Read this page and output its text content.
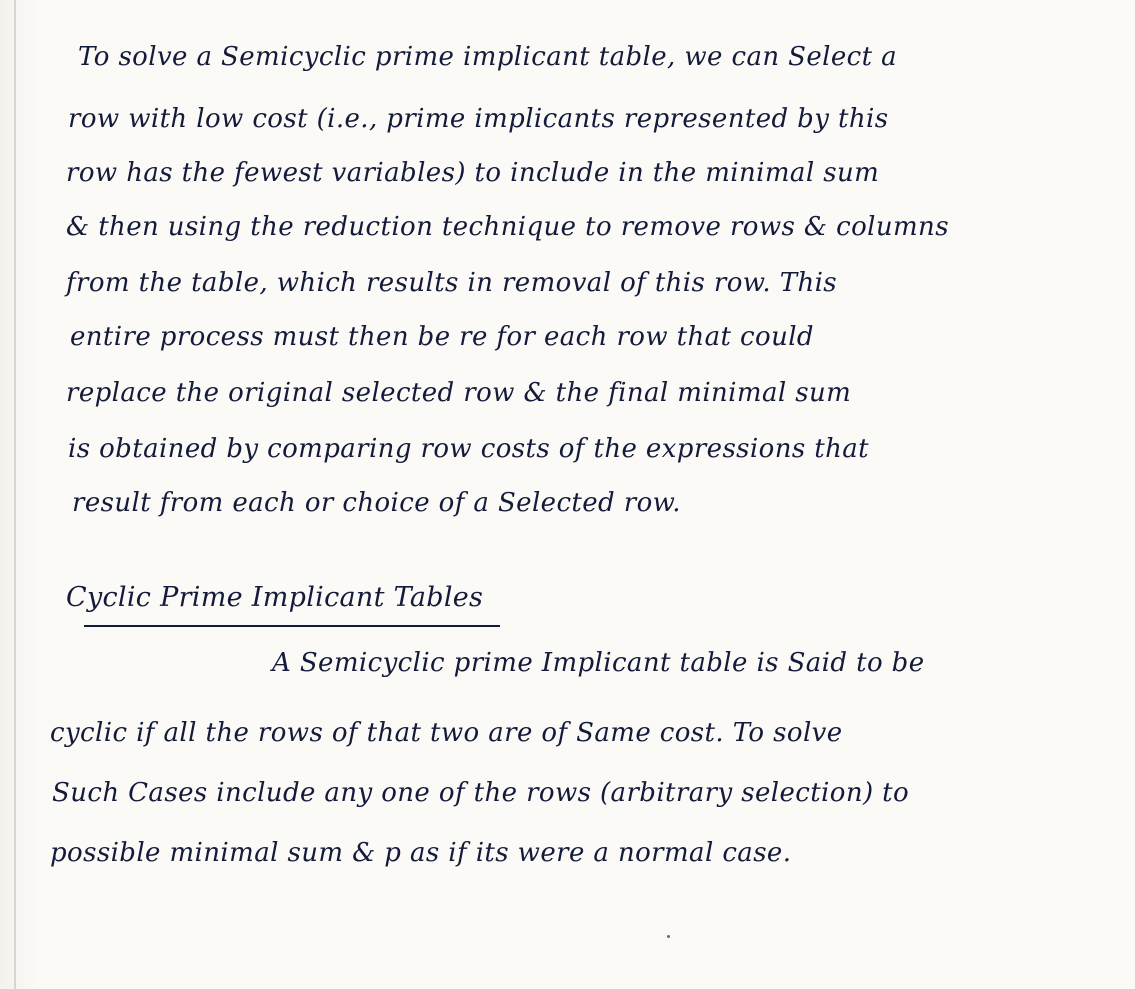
To solve a Semicyclic prime implicant table, we can Select a
row with low cost (i.e., prime implicants represented by this
row has the fewest variables) to include in the minimal sum
& then using the reduction technique to remove rows & columns
from the table, which results in removal of this row. This
entire process must then be re for each row that could
replace the original selected row & the final minimal sum
is obtained by comparing row costs of the expressions that
result from each or choice of a Selected row.
Cyclic Prime Implicant Tables
A Semicyclic prime Implicant table is Said to be
cyclic if all the rows of that two are of Same cost. To solve
Such Cases include any one of the rows (arbitrary selection) to
possible minimal sum & p as if its were a normal case.
